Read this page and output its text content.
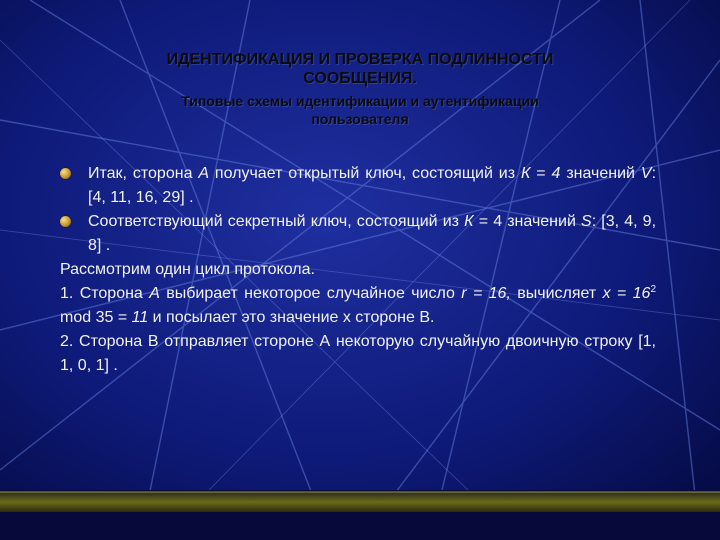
ИДЕНТИФИКАЦИЯ И ПРОВЕРКА ПОДЛИННОСТИ
СООБЩЕНИЯ.
Типовые схемы идентификации и аутентификации
пользователя
Итак, сторона А получает открытый ключ, состоящий из К = 4 значений V: [4, 11, 16, 29] .
Соответствующий секретный ключ, состоящий из К = 4 значений S: [3, 4, 9, 8] .
Рассмотрим один цикл протокола.
1. Сторона А выбирает некоторое случайное число r = 16, вычисляет $x = 16^2$ mod 35 = 11 и посылает это значение х стороне В.
2. Сторона В отправляет стороне А некоторую случайную двоичную строку [1, 1, 0, 1] .
